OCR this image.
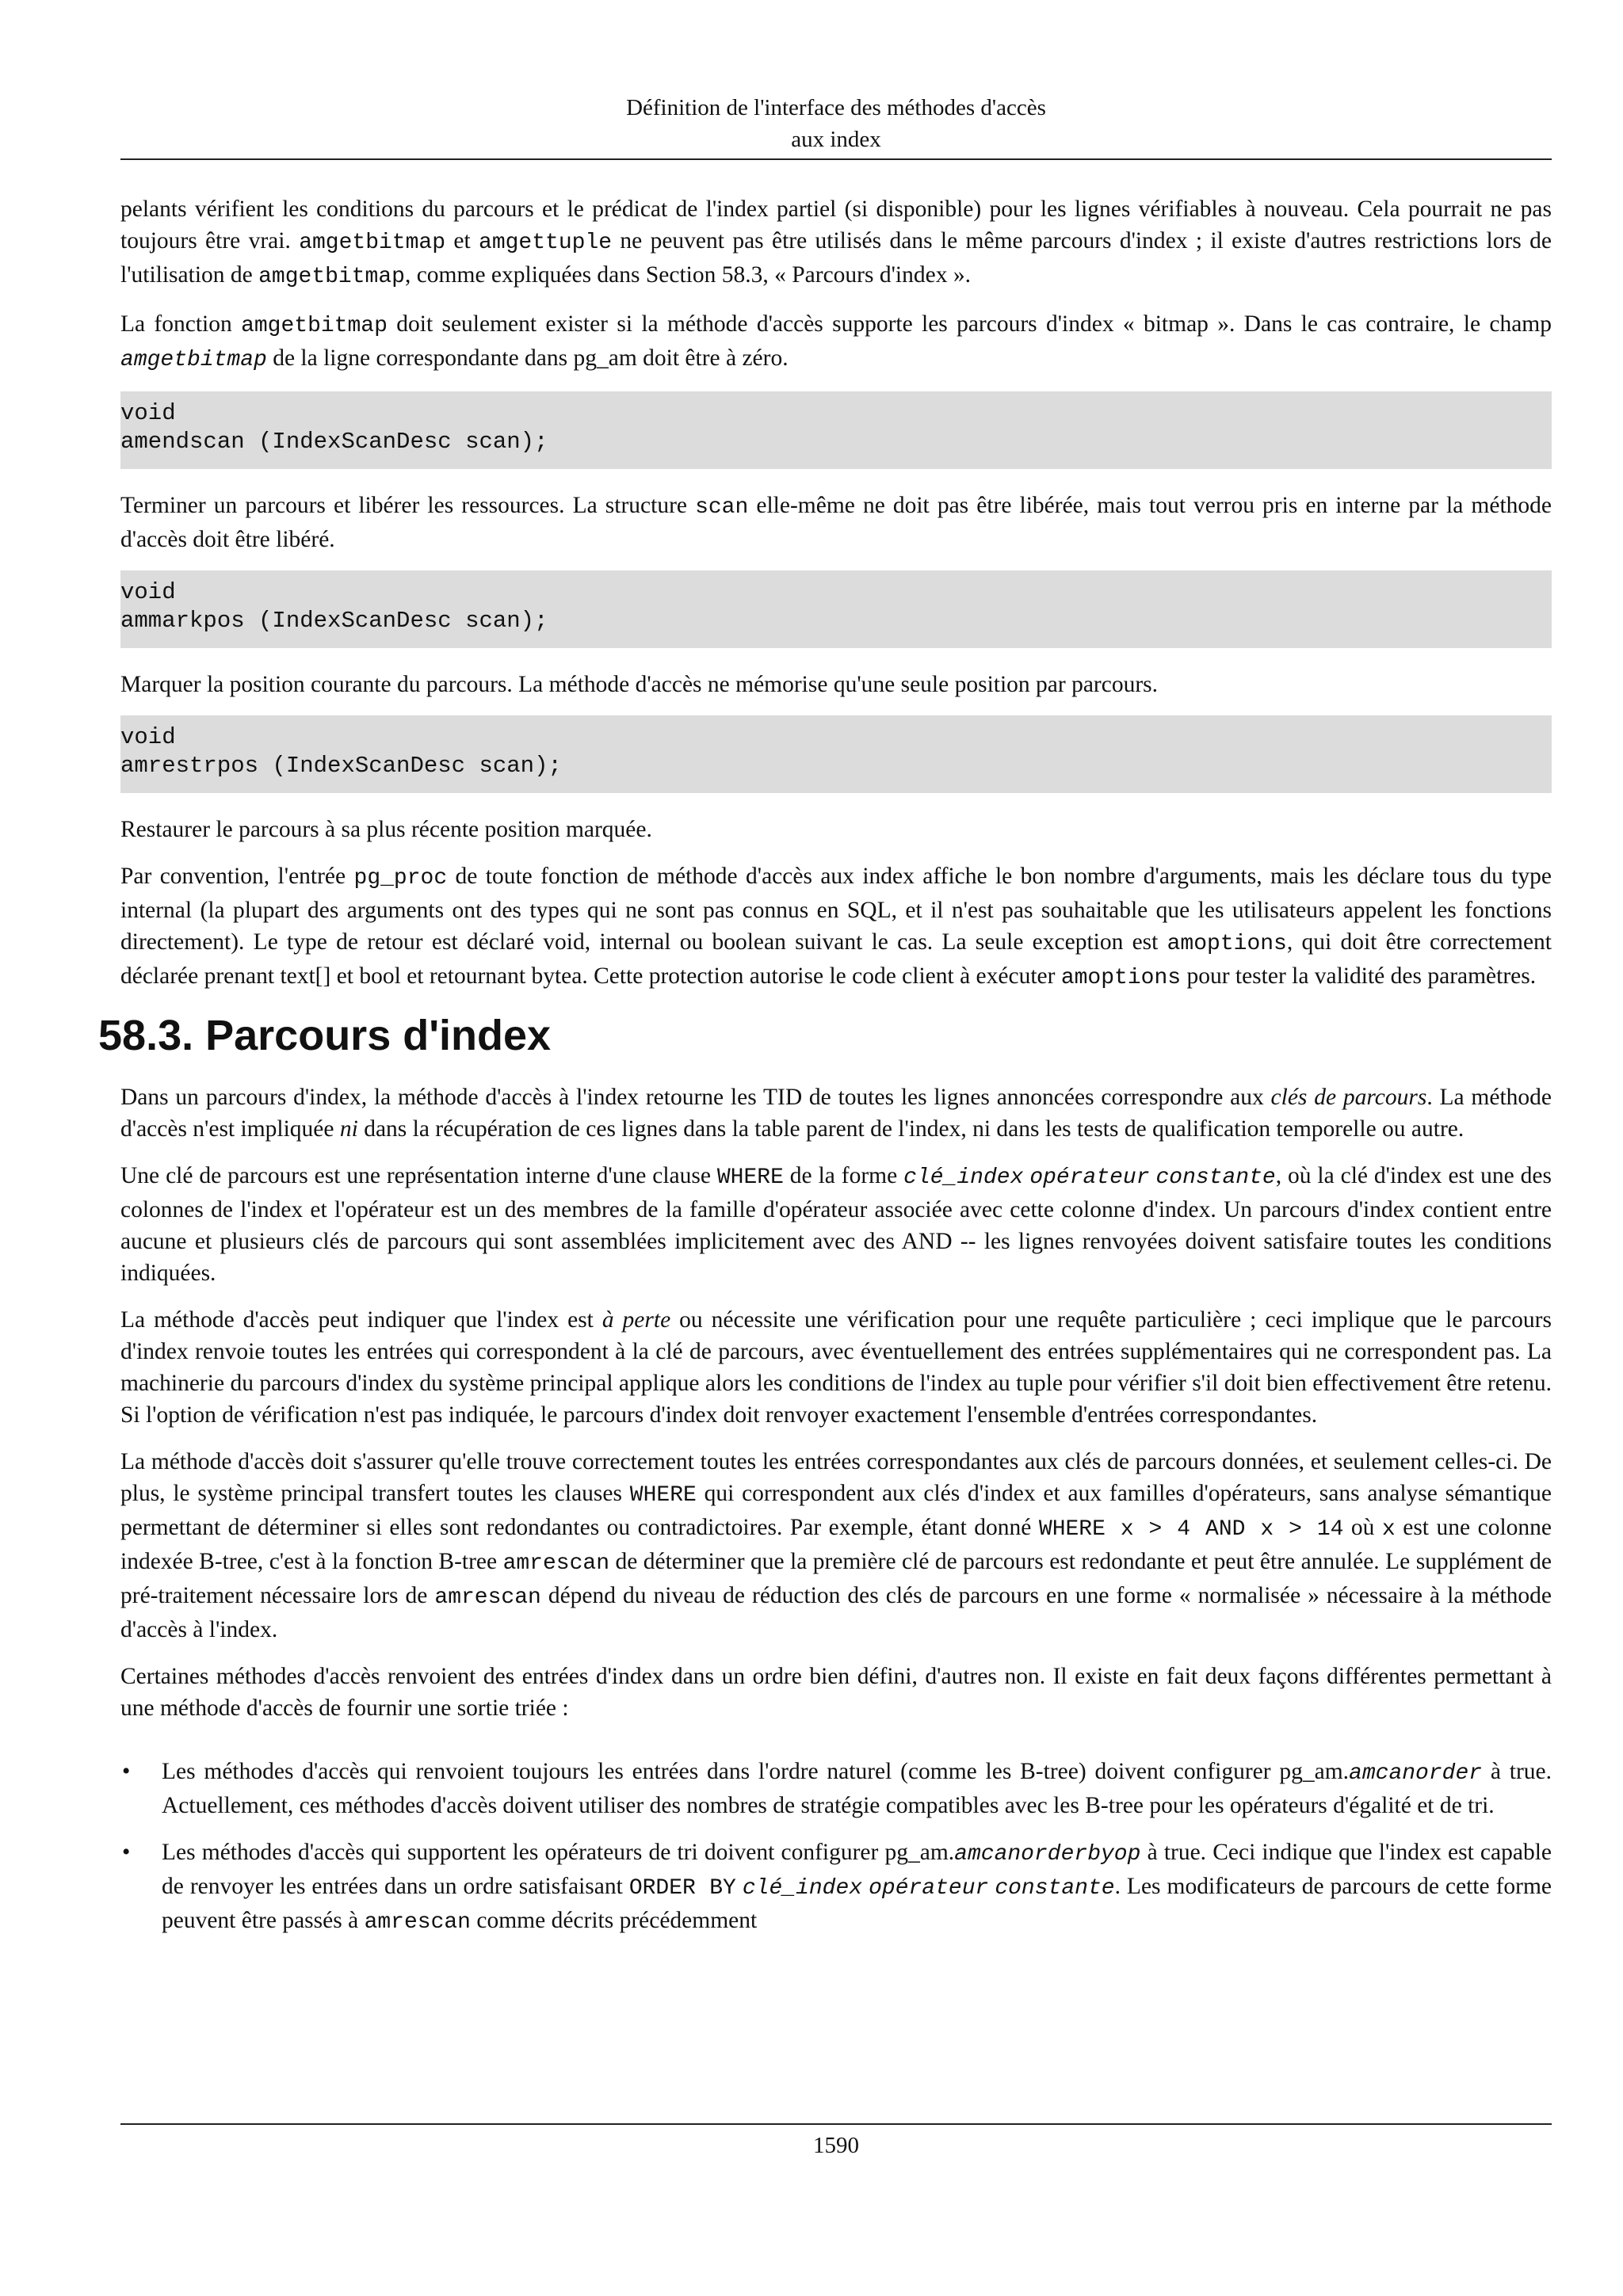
Définition de l'interface des méthodes d'accès
aux index

pelants vérifient les conditions du parcours et le prédicat de l'index partiel (si disponible) pour les lignes vérifiables à nouveau. Cela pourrait ne pas toujours être vrai. amgetbitmap et amgettuple ne peuvent pas être utilisés dans le même parcours d'index ; il existe d'autres restrictions lors de l'utilisation de amgetbitmap, comme expliquées dans Section 58.3, « Parcours d'index ».

La fonction amgetbitmap doit seulement exister si la méthode d'accès supporte les parcours d'index « bitmap ». Dans le cas contraire, le champ amgetbitmap de la ligne correspondante dans pg_am doit être à zéro.

void
amendscan (IndexScanDesc scan);

Terminer un parcours et libérer les ressources. La structure scan elle-même ne doit pas être libérée, mais tout verrou pris en interne par la méthode d'accès doit être libéré.

void
ammarkpos (IndexScanDesc scan);

Marquer la position courante du parcours. La méthode d'accès ne mémorise qu'une seule position par parcours.

void
amrestrpos (IndexScanDesc scan);

Restaurer le parcours à sa plus récente position marquée.

Par convention, l'entrée pg_proc de toute fonction de méthode d'accès aux index affiche le bon nombre d'arguments, mais les déclare tous du type internal (la plupart des arguments ont des types qui ne sont pas connus en SQL, et il n'est pas souhaitable que les utilisateurs appelent les fonctions directement). Le type de retour est déclaré void, internal ou boolean suivant le cas. La seule exception est amoptions, qui doit être correctement déclarée prenant text[] et bool et retournant bytea. Cette protection autorise le code client à exécuter amoptions pour tester la validité des paramètres.

58.3. Parcours d'index

Dans un parcours d'index, la méthode d'accès à l'index retourne les TID de toutes les lignes annoncées correspondre aux clés de parcours. La méthode d'accès n'est impliquée ni dans la récupération de ces lignes dans la table parent de l'index, ni dans les tests de qualification temporelle ou autre.

Une clé de parcours est une représentation interne d'une clause WHERE de la forme clé_index opérateur constante, où la clé d'index est une des colonnes de l'index et l'opérateur est un des membres de la famille d'opérateur associée avec cette colonne d'index. Un parcours d'index contient entre aucune et plusieurs clés de parcours qui sont assemblées implicitement avec des AND -- les lignes renvoyées doivent satisfaire toutes les conditions indiquées.

La méthode d'accès peut indiquer que l'index est à perte ou nécessite une vérification pour une requête particulière ; ceci implique que le parcours d'index renvoie toutes les entrées qui correspondent à la clé de parcours, avec éventuellement des entrées supplémentaires qui ne correspondent pas. La machinerie du parcours d'index du système principal applique alors les conditions de l'index au tuple pour vérifier s'il doit bien effectivement être retenu. Si l'option de vérification n'est pas indiquée, le parcours d'index doit renvoyer exactement l'ensemble d'entrées correspondantes.

La méthode d'accès doit s'assurer qu'elle trouve correctement toutes les entrées correspondantes aux clés de parcours données, et seulement celles-ci. De plus, le système principal transfert toutes les clauses WHERE qui correspondent aux clés d'index et aux familles d'opérateurs, sans analyse sémantique permettant de déterminer si elles sont redondantes ou contradictoires. Par exemple, étant donné WHERE x > 4 AND x > 14 où x est une colonne indexée B-tree, c'est à la fonction B-tree amrescan de déterminer que la première clé de parcours est redondante et peut être annulée. Le supplément de pré-traitement nécessaire lors de amrescan dépend du niveau de réduction des clés de parcours en une forme « normalisée » nécessaire à la méthode d'accès à l'index.

Certaines méthodes d'accès renvoient des entrées d'index dans un ordre bien défini, d'autres non. Il existe en fait deux façons différentes permettant à une méthode d'accès de fournir une sortie triée :

• Les méthodes d'accès qui renvoient toujours les entrées dans l'ordre naturel (comme les B-tree) doivent configurer pg_am.amcanorder à true. Actuellement, ces méthodes d'accès doivent utiliser des nombres de stratégie compatibles avec les B-tree pour les opérateurs d'égalité et de tri.
• Les méthodes d'accès qui supportent les opérateurs de tri doivent configurer pg_am.amcanorderbyop à true. Ceci indique que l'index est capable de renvoyer les entrées dans un ordre satisfaisant ORDER BY clé_index opérateur constante. Les modificateurs de parcours de cette forme peuvent être passés à amrescan comme décrits précédemment
1590
